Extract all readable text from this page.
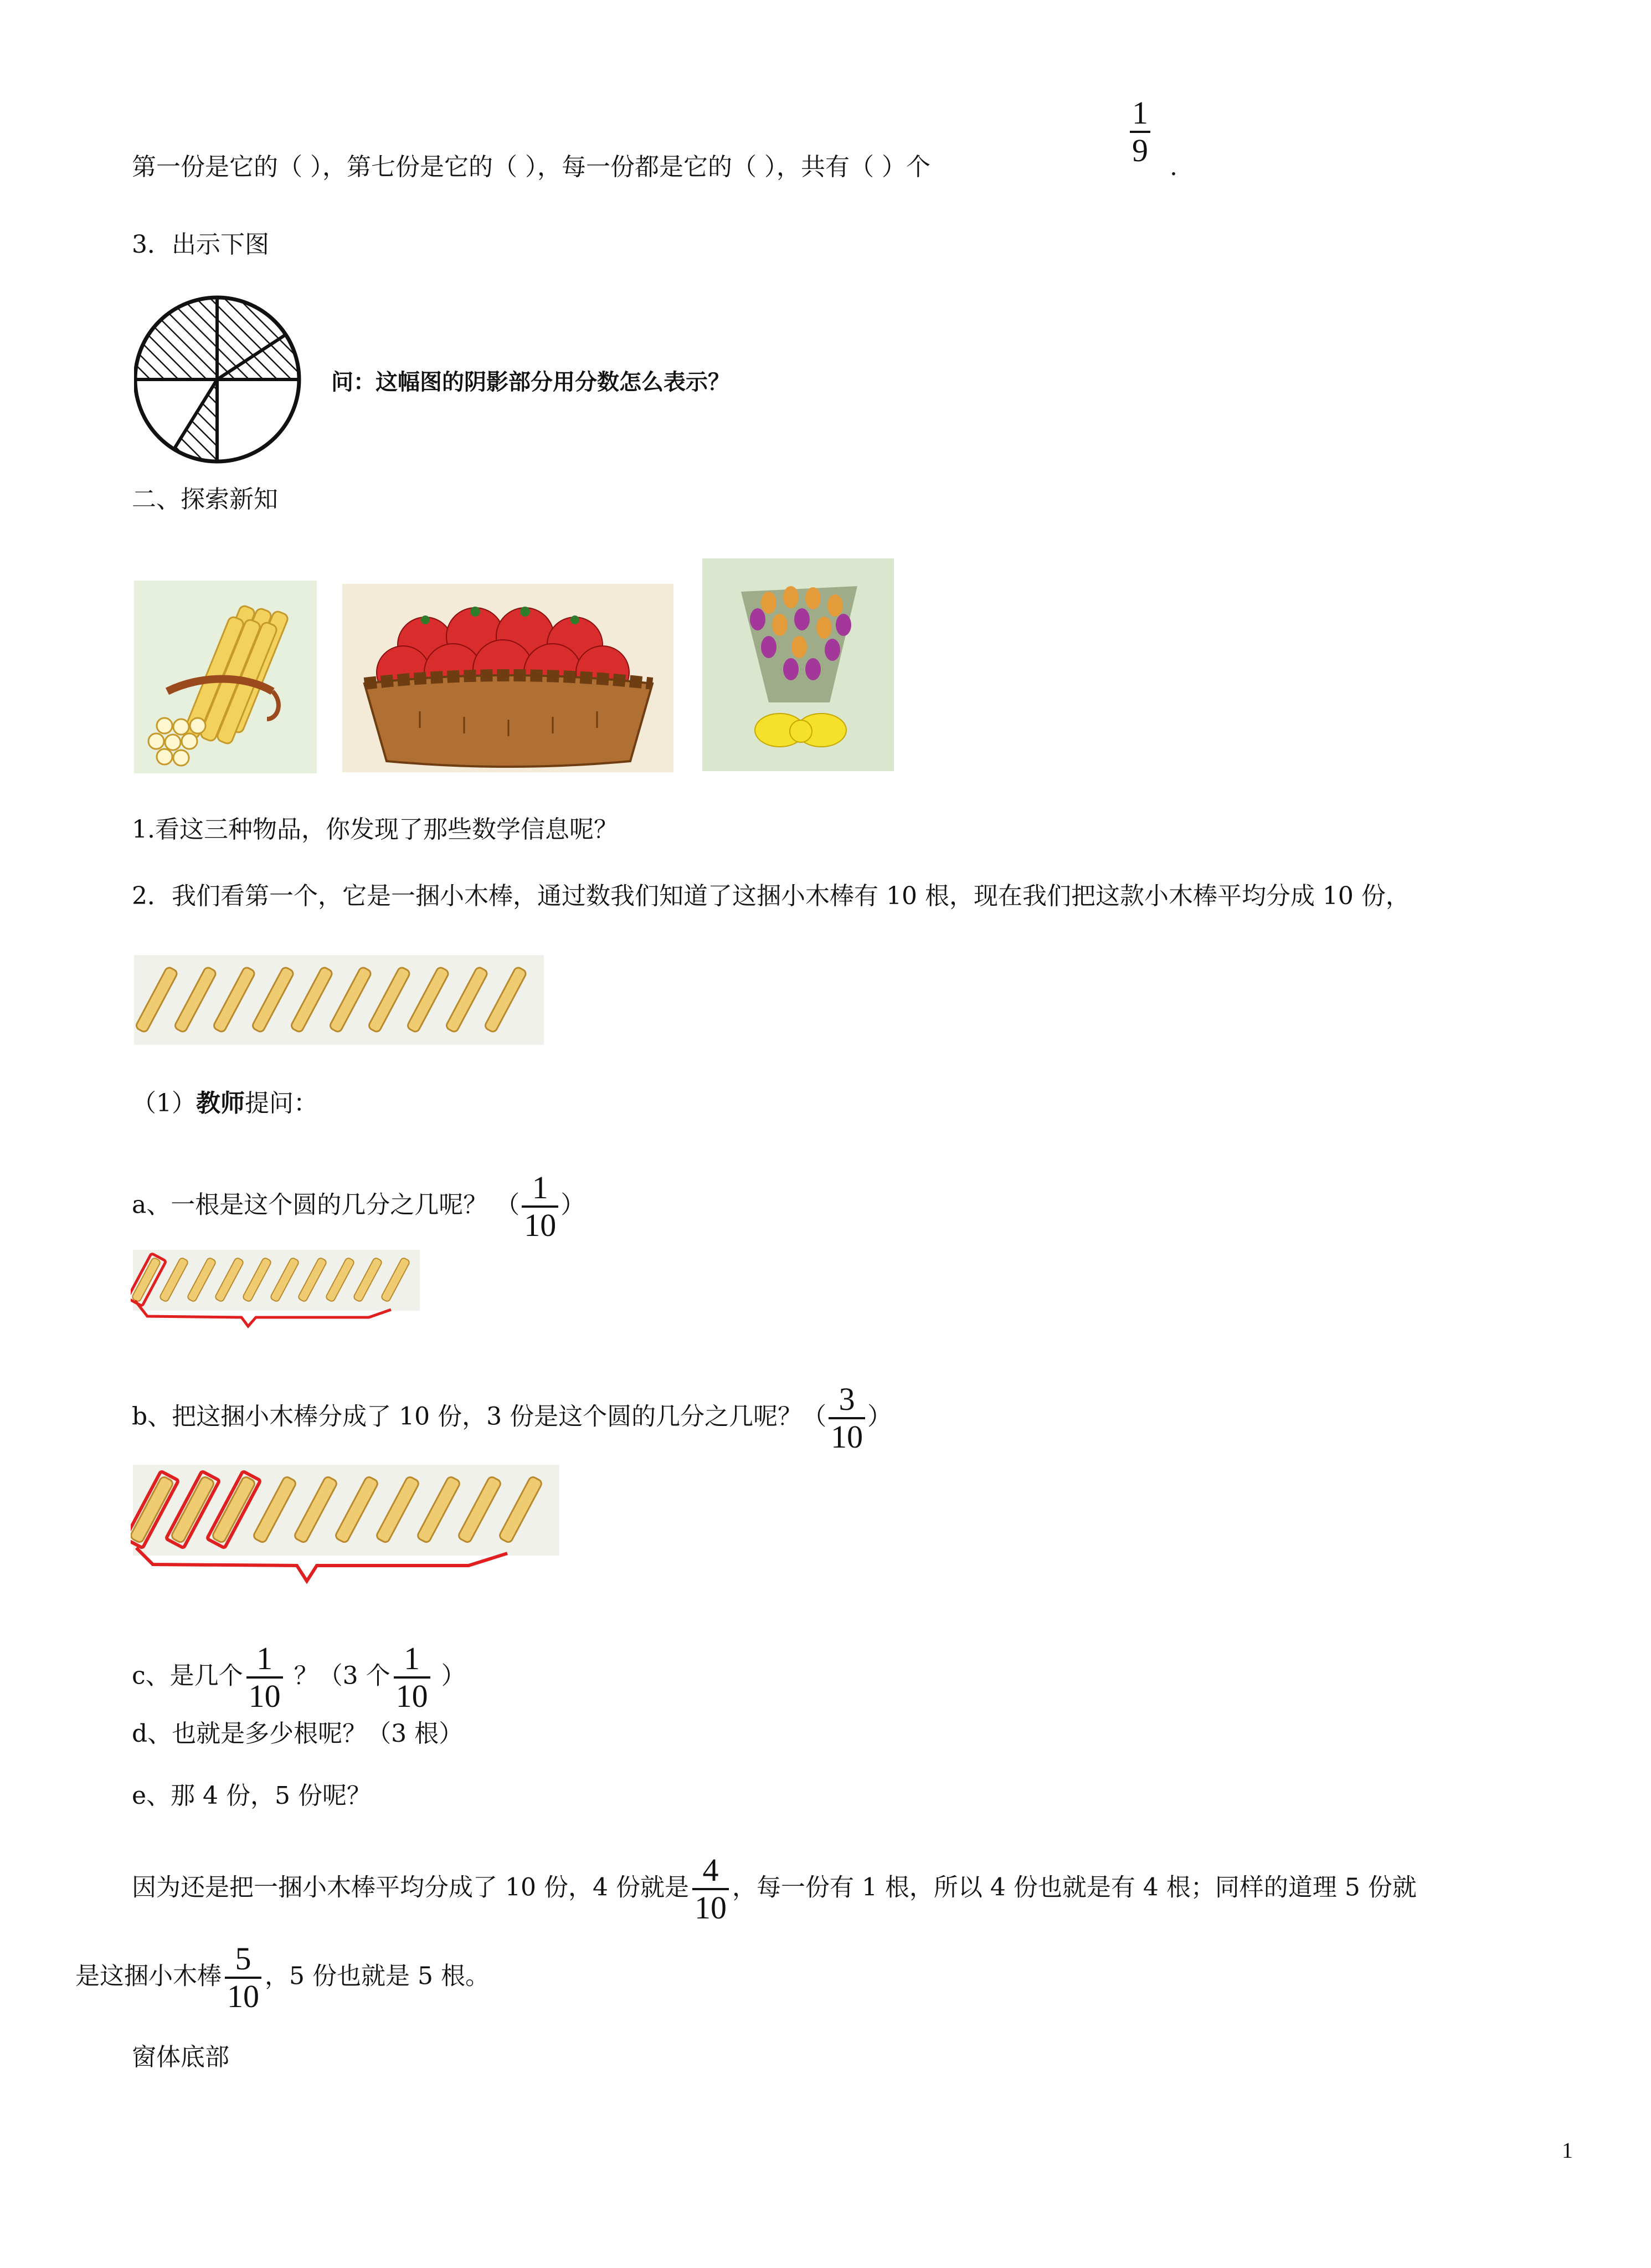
第一份是它的（ ），第七份是它的（ ），每一份都是它的（ ），共有（ ）个
1
9 .
3．出示下图
问：这幅图的阴影部分用分数怎么表示？
二、探索新知
1.看这三种物品，你发现了那些数学信息呢？
2．我们看第一个，它是一捆小木棒，通过数我们知道了这捆小木棒有 10 根，现在我们把这款小木棒平均分成 10 份，
（1）教师提问：
a、一根是这个圆的几分之几呢？ （ $\frac{1}{10}$ ）
b、把这捆小木棒分成了 10 份，3 份是这个圆的几分之几呢？（ $\frac{3}{10}$ ）
c、是几个 $\frac{1}{10}$ ？（3 个 $\frac{1}{10}$ ）
d、也就是多少根呢？（3 根）
e、那 4 份，5 份呢？
因为还是把一捆小木棒平均分成了 10 份，4 份就是 $\frac{4}{10}$ ，每一份有 1 根，所以 4 份也就是有 4 根；同样的道理 5 份就
是这捆小木棒 $\frac{5}{10}$ ，5 份也就是 5 根。
窗体底部
1
